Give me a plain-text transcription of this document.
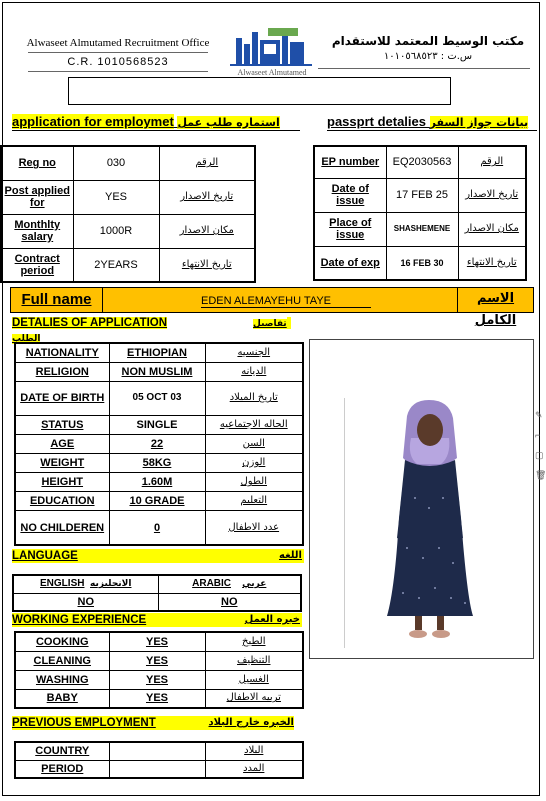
Alwaseet Almutamed Recruitment Office
C.R. 1010568523
Alwaseet Almutamed
مكتب الوسيط المعتمد للاستقدام
س.ت : ١٠١٠٥٦٨٥٢٣
application for employmet استماره طلب عمل	passprt detalies بيانات جواز السفر
Reg no	030	الرقم
Post applied for	YES	تاريخ الاصدار
Monthlty salary	1000R	مكان الاصدار
Contract period	2YEARS	تاريخ الانتهاء
EP number	EQ2030563	الرقم
Date of issue	17 FEB 25	تاريخ الاصدار
Place of issue	SHASHEMENE	مكان الاصدار
Date of exp	16 FEB 30	تاريخ الانتهاء
Full name	EDEN ALEMAYEHU TAYE	الاسم الكامل
DETALIES OF APPLICATION	تفاصيل الطلب
NATIONALITY	ETHIOPIAN	الجنسيه
RELIGION	NON MUSLIM	الديانه
DATE OF BIRTH	05 OCT 03	تاريخ الميلاد
STATUS	SINGLE	الحاله الاجتماعيه
AGE	22	السن
WEIGHT	58KG	الوزن
HEIGHT	1.60M	الطول
EDUCATION	10 GRADE	التعليم
NO CHILDEREN	0	عدد الاطفال
LANGUAGE	اللغه
ENGLISH الانجليزيه	ARABIC عربي
NO	NO
WORKING EXPERIENCE	خبره العمل
COOKING	YES	الطبخ
CLEANING	YES	التنظيف
WASHING	YES	الغسيل
BABY	YES	تربيه الاطفال
PREVIOUS EMPLOYMENT	الخبره خارج البلاد
COUNTRY		البلاد
PERIOD		المدد
✎
⌐
▢
🗑
